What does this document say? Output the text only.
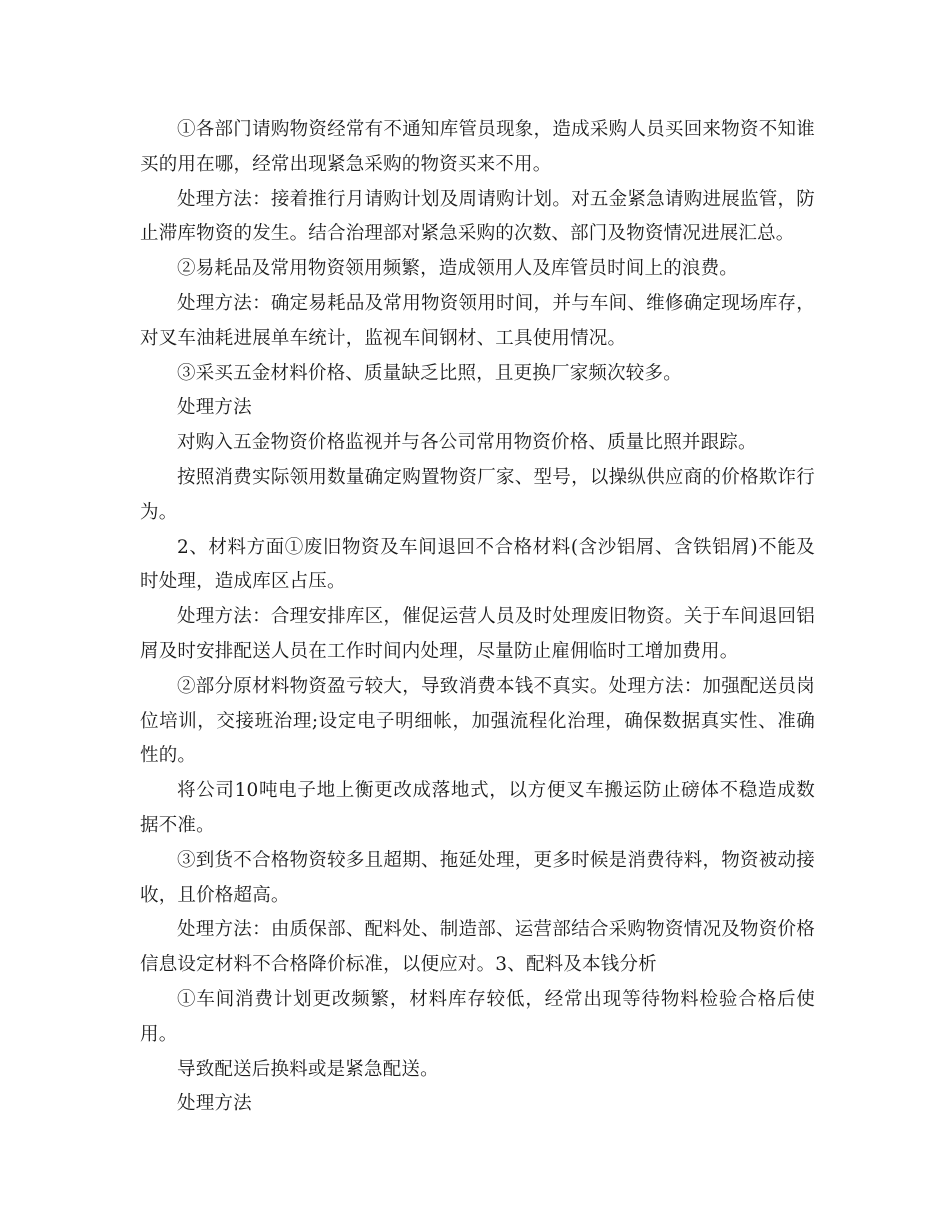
①各部门请购物资经常有不通知库管员现象，造成采购人员买回来物资不知谁买的用在哪，经常出现紧急采购的物资买来不用。

处理方法：接着推行月请购计划及周请购计划。对五金紧急请购进展监管，防止滞库物资的发生。结合治理部对紧急采购的次数、部门及物资情况进展汇总。

②易耗品及常用物资领用频繁，造成领用人及库管员时间上的浪费。

处理方法：确定易耗品及常用物资领用时间，并与车间、维修确定现场库存，对叉车油耗进展单车统计，监视车间钢材、工具使用情况。

③采买五金材料价格、质量缺乏比照，且更换厂家频次较多。

处理方法

对购入五金物资价格监视并与各公司常用物资价格、质量比照并跟踪。

按照消费实际领用数量确定购置物资厂家、型号，以操纵供应商的价格欺诈行为。

2、材料方面①废旧物资及车间退回不合格材料(含沙铝屑、含铁铝屑)不能及时处理，造成库区占压。

处理方法：合理安排库区，催促运营人员及时处理废旧物资。关于车间退回铝屑及时安排配送人员在工作时间内处理，尽量防止雇佣临时工增加费用。

②部分原材料物资盈亏较大，导致消费本钱不真实。处理方法：加强配送员岗位培训，交接班治理;设定电子明细帐，加强流程化治理，确保数据真实性、准确性的。

将公司10吨电子地上衡更改成落地式，以方便叉车搬运防止磅体不稳造成数据不准。

③到货不合格物资较多且超期、拖延处理，更多时候是消费待料，物资被动接收，且价格超高。

处理方法：由质保部、配料处、制造部、运营部结合采购物资情况及物资价格信息设定材料不合格降价标准，以便应对。3、配料及本钱分析

①车间消费计划更改频繁，材料库存较低，经常出现等待物料检验合格后使用。

导致配送后换料或是紧急配送。

处理方法
